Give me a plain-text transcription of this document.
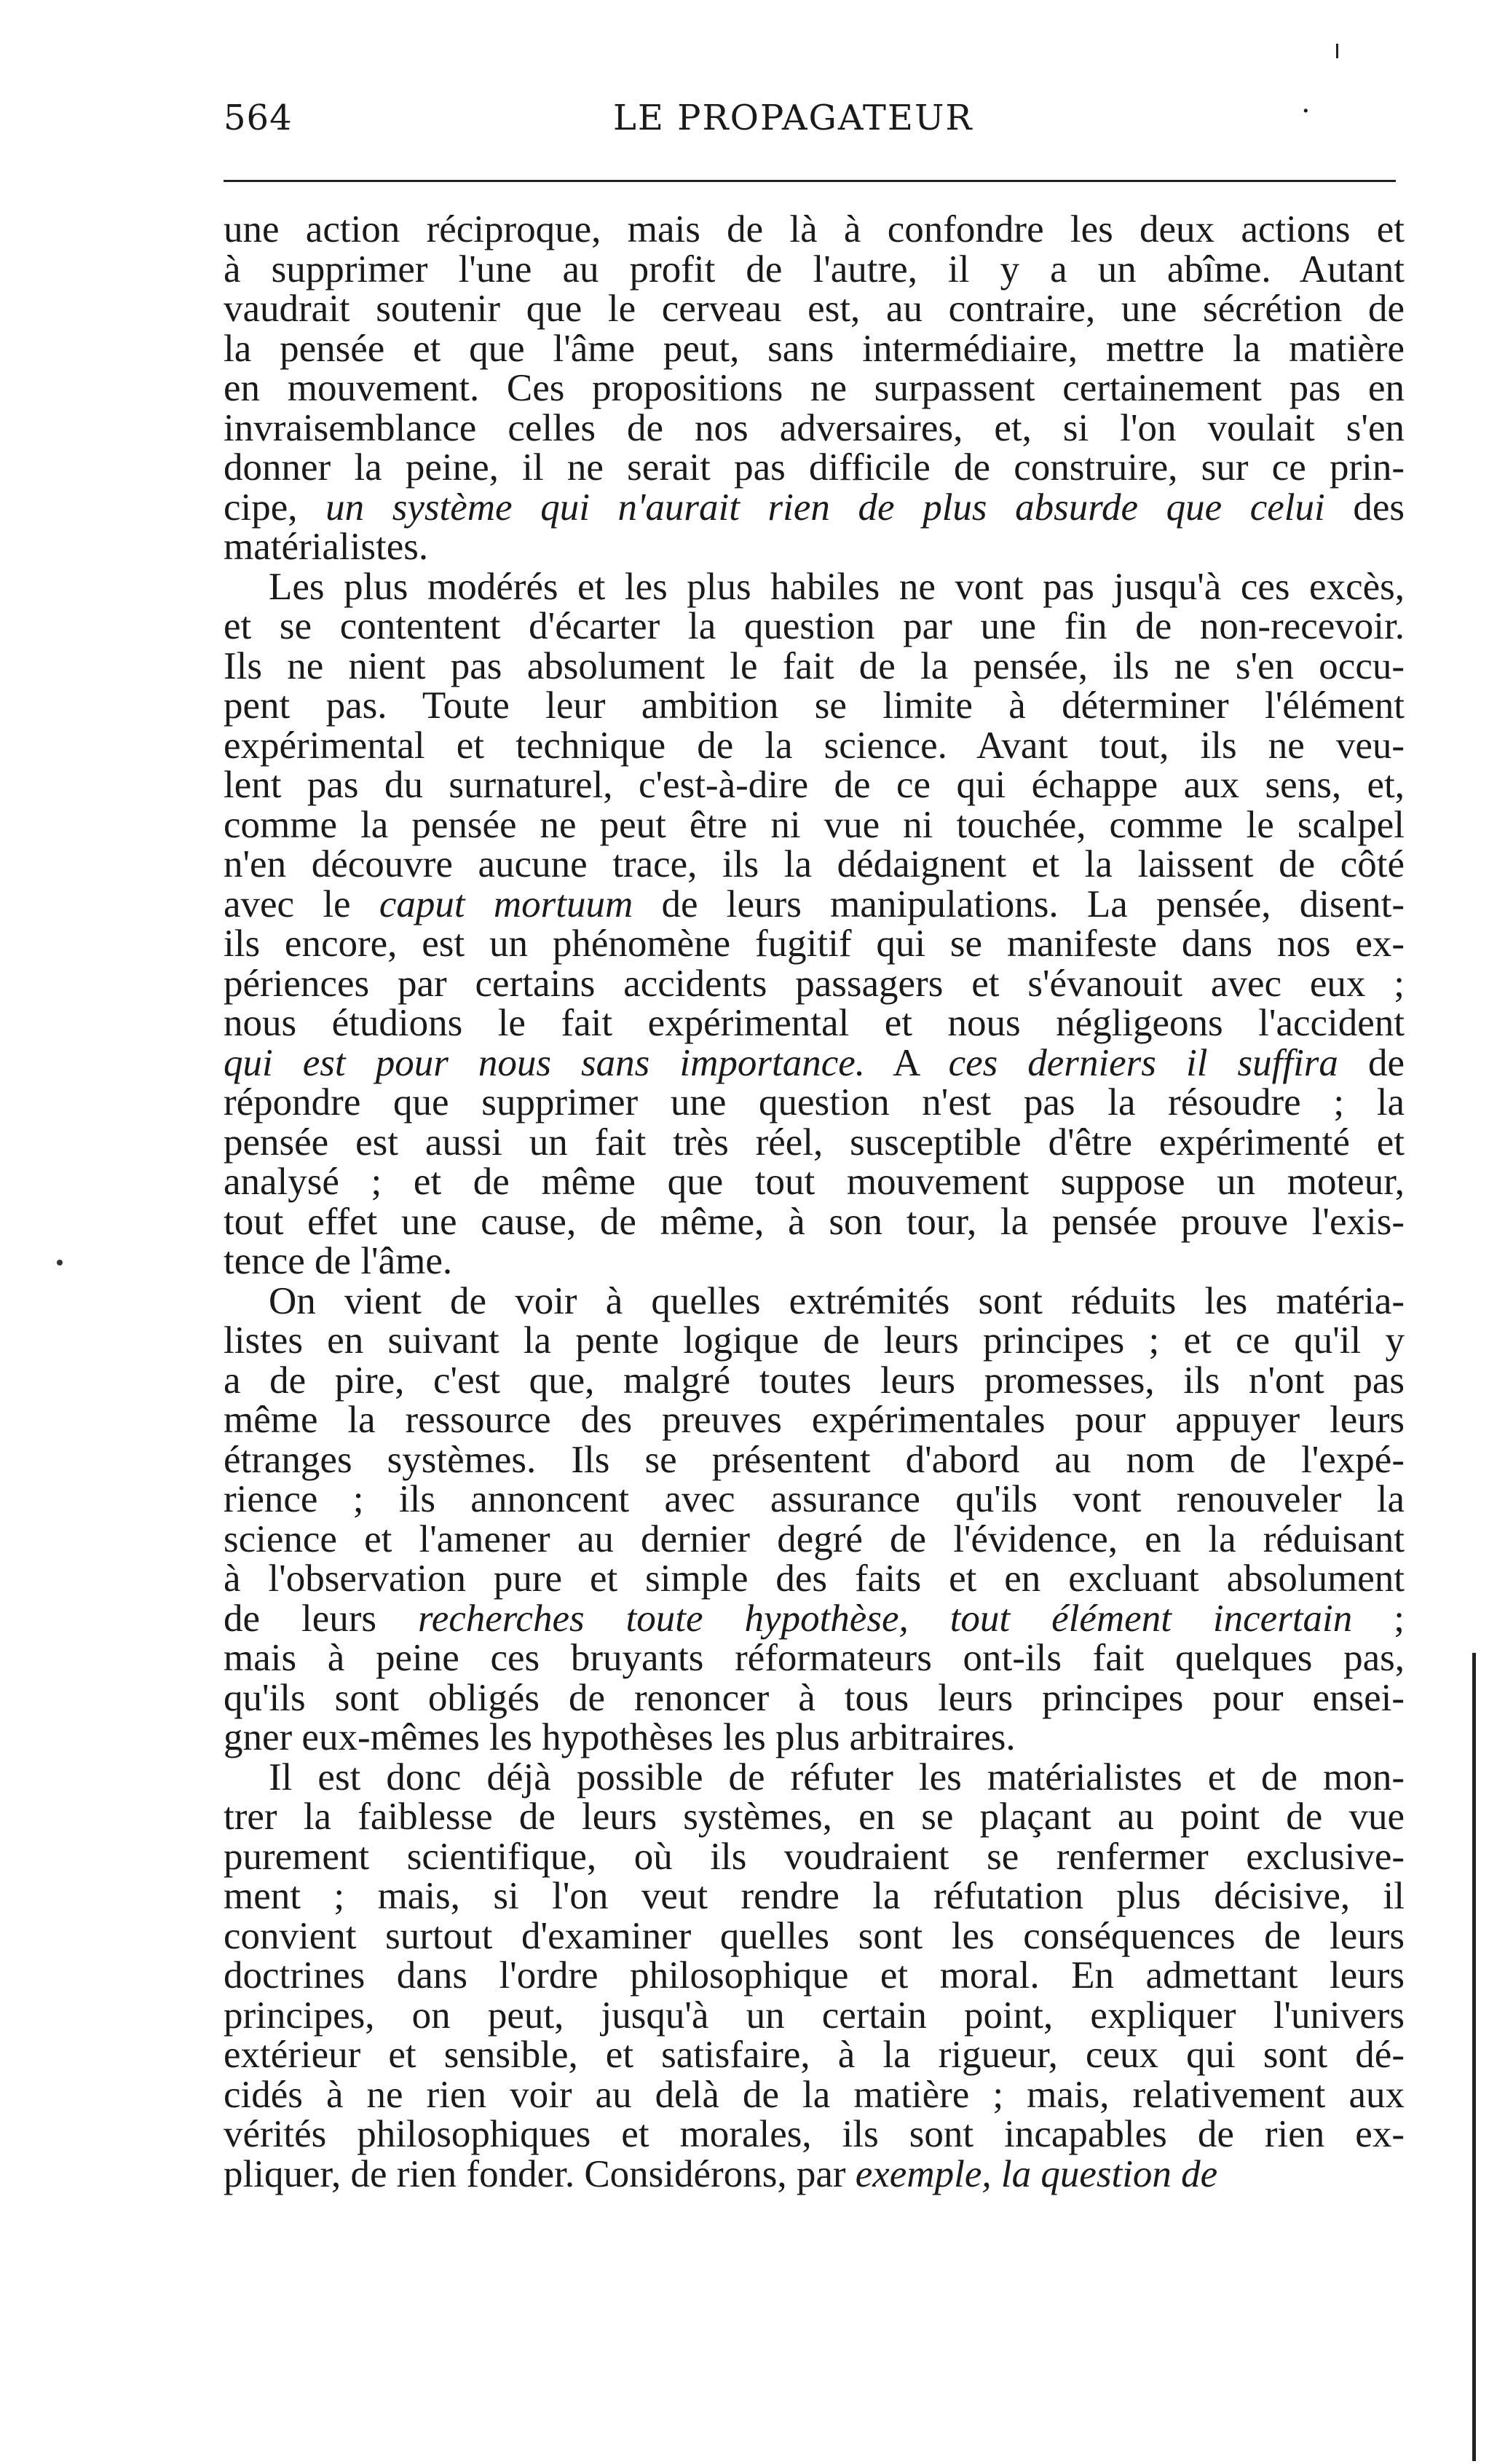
564	LE PROPAGATEUR	·
une action réciproque, mais de là à confondre les deux actions et
à supprimer l'une au profit de l'autre, il y a un abîme. Autant
vaudrait soutenir que le cerveau est, au contraire, une sécrétion de
la pensée et que l'âme peut, sans intermédiaire, mettre la matière
en mouvement. Ces propositions ne surpassent certainement pas en
invraisemblance celles de nos adversaires, et, si l'on voulait s'en
donner la peine, il ne serait pas difficile de construire, sur ce prin-
cipe, un système qui n'aurait rien de plus absurde que celui des
matérialistes.
Les plus modérés et les plus habiles ne vont pas jusqu'à ces excès,
et se contentent d'écarter la question par une fin de non-recevoir.
Ils ne nient pas absolument le fait de la pensée, ils ne s'en occu-
pent pas. Toute leur ambition se limite à déterminer l'élément
expérimental et technique de la science. Avant tout, ils ne veu-
lent pas du surnaturel, c'est-à-dire de ce qui échappe aux sens, et,
comme la pensée ne peut être ni vue ni touchée, comme le scalpel
n'en découvre aucune trace, ils la dédaignent et la laissent de côté
avec le caput mortuum de leurs manipulations. La pensée, disent-
ils encore, est un phénomène fugitif qui se manifeste dans nos ex-
périences par certains accidents passagers et s'évanouit avec eux ;
nous étudions le fait expérimental et nous négligeons l'accident
qui est pour nous sans importance. A ces derniers il suffira de
répondre que supprimer une question n'est pas la résoudre ; la
pensée est aussi un fait très réel, susceptible d'être expérimenté et
analysé ; et de même que tout mouvement suppose un moteur,
tout effet une cause, de même, à son tour, la pensée prouve l'exis-
tence de l'âme.
On vient de voir à quelles extrémités sont réduits les matéria-
listes en suivant la pente logique de leurs principes ; et ce qu'il y
a de pire, c'est que, malgré toutes leurs promesses, ils n'ont pas
même la ressource des preuves expérimentales pour appuyer leurs
étranges systèmes. Ils se présentent d'abord au nom de l'expé-
rience ; ils annoncent avec assurance qu'ils vont renouveler la
science et l'amener au dernier degré de l'évidence, en la réduisant
à l'observation pure et simple des faits et en excluant absolument
de leurs recherches toute hypothèse, tout élément incertain ;
mais à peine ces bruyants réformateurs ont-ils fait quelques pas,
qu'ils sont obligés de renoncer à tous leurs principes pour ensei-
gner eux-mêmes les hypothèses les plus arbitraires.
Il est donc déjà possible de réfuter les matérialistes et de mon-
trer la faiblesse de leurs systèmes, en se plaçant au point de vue
purement scientifique, où ils voudraient se renfermer exclusive-
ment ; mais, si l'on veut rendre la réfutation plus décisive, il
convient surtout d'examiner quelles sont les conséquences de leurs
doctrines dans l'ordre philosophique et moral. En admettant leurs
principes, on peut, jusqu'à un certain point, expliquer l'univers
extérieur et sensible, et satisfaire, à la rigueur, ceux qui sont dé-
cidés à ne rien voir au delà de la matière ; mais, relativement aux
vérités philosophiques et morales, ils sont incapables de rien ex-
pliquer, de rien fonder. Considérons, par exemple, la question de
